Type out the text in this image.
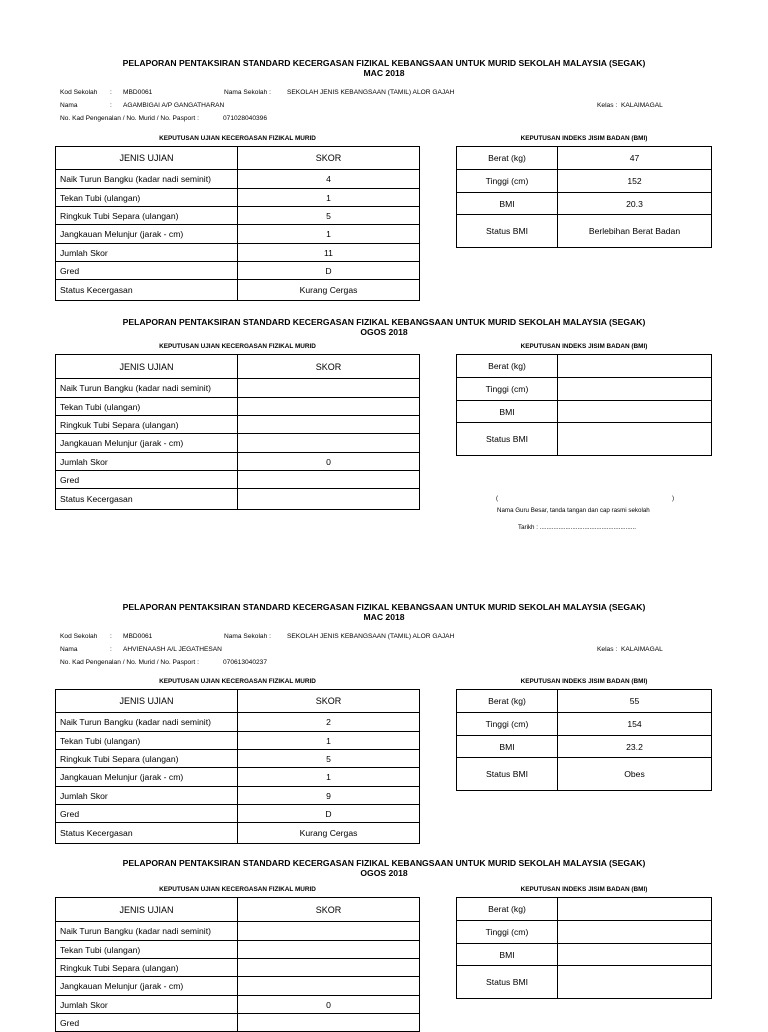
PELAPORAN PENTAKSIRAN STANDARD KECERGASAN FIZIKAL KEBANGSAAN UNTUK MURID SEKOLAH MALAYSIA (SEGAK)
MAC 2018
Kod Sekolah : MBD0061	Nama Sekolah : SEKOLAH JENIS KEBANGSAAN (TAMIL) ALOR GAJAH
Nama	: AGAMBIGAI A/P GANGATHARAN	Kelas : KALAIMAGAL
No. Kad Pengenalan / No. Murid / No. Pasport :	071028040396
KEPUTUSAN UJIAN KECERGASAN FIZIKAL MURID	KEPUTUSAN INDEKS JISIM BADAN (BMI)
JENIS UJIAN	SKOR
Naik Turun Bangku (kadar nadi seminit)	4
Tekan Tubi (ulangan)	1
Ringkuk Tubi Separa (ulangan)	5
Jangkauan Melunjur (jarak - cm)	1
Jumlah Skor	11
Gred	D
Status Kecergasan	Kurang Cergas
Berat (kg)	47
Tinggi (cm)	152
BMI	20.3
Status BMI	Berlebihan Berat Badan
PELAPORAN PENTAKSIRAN STANDARD KECERGASAN FIZIKAL KEBANGSAAN UNTUK MURID SEKOLAH MALAYSIA (SEGAK)
OGOS 2018
KEPUTUSAN UJIAN KECERGASAN FIZIKAL MURID	KEPUTUSAN INDEKS JISIM BADAN (BMI)
JENIS UJIAN	SKOR
Naik Turun Bangku (kadar nadi seminit)	
Tekan Tubi (ulangan)	
Ringkuk Tubi Separa (ulangan)	
Jangkauan Melunjur (jarak - cm)	
Jumlah Skor	0
Gred	
Status Kecergasan	
Berat (kg)	
Tinggi (cm)	
BMI	
Status BMI	
(	)
Nama Guru Besar, tanda tangan dan cap rasmi sekolah
Tarikh : ........................................................
PELAPORAN PENTAKSIRAN STANDARD KECERGASAN FIZIKAL KEBANGSAAN UNTUK MURID SEKOLAH MALAYSIA (SEGAK)
MAC 2018
Kod Sekolah : MBD0061	Nama Sekolah : SEKOLAH JENIS KEBANGSAAN (TAMIL) ALOR GAJAH
Nama	: AHVIENAASH A/L JEGATHESAN	Kelas : KALAIMAGAL
No. Kad Pengenalan / No. Murid / No. Pasport :	070613040237
KEPUTUSAN UJIAN KECERGASAN FIZIKAL MURID	KEPUTUSAN INDEKS JISIM BADAN (BMI)
JENIS UJIAN	SKOR
Naik Turun Bangku (kadar nadi seminit)	2
Tekan Tubi (ulangan)	1
Ringkuk Tubi Separa (ulangan)	5
Jangkauan Melunjur (jarak - cm)	1
Jumlah Skor	9
Gred	D
Status Kecergasan	Kurang Cergas
Berat (kg)	55
Tinggi (cm)	154
BMI	23.2
Status BMI	Obes
PELAPORAN PENTAKSIRAN STANDARD KECERGASAN FIZIKAL KEBANGSAAN UNTUK MURID SEKOLAH MALAYSIA (SEGAK)
OGOS 2018
KEPUTUSAN UJIAN KECERGASAN FIZIKAL MURID	KEPUTUSAN INDEKS JISIM BADAN (BMI)
JENIS UJIAN	SKOR
Naik Turun Bangku (kadar nadi seminit)	
Tekan Tubi (ulangan)	
Ringkuk Tubi Separa (ulangan)	
Jangkauan Melunjur (jarak - cm)	
Jumlah Skor	0
Gred	
Berat (kg)	
Tinggi (cm)	
BMI	
Status BMI	
